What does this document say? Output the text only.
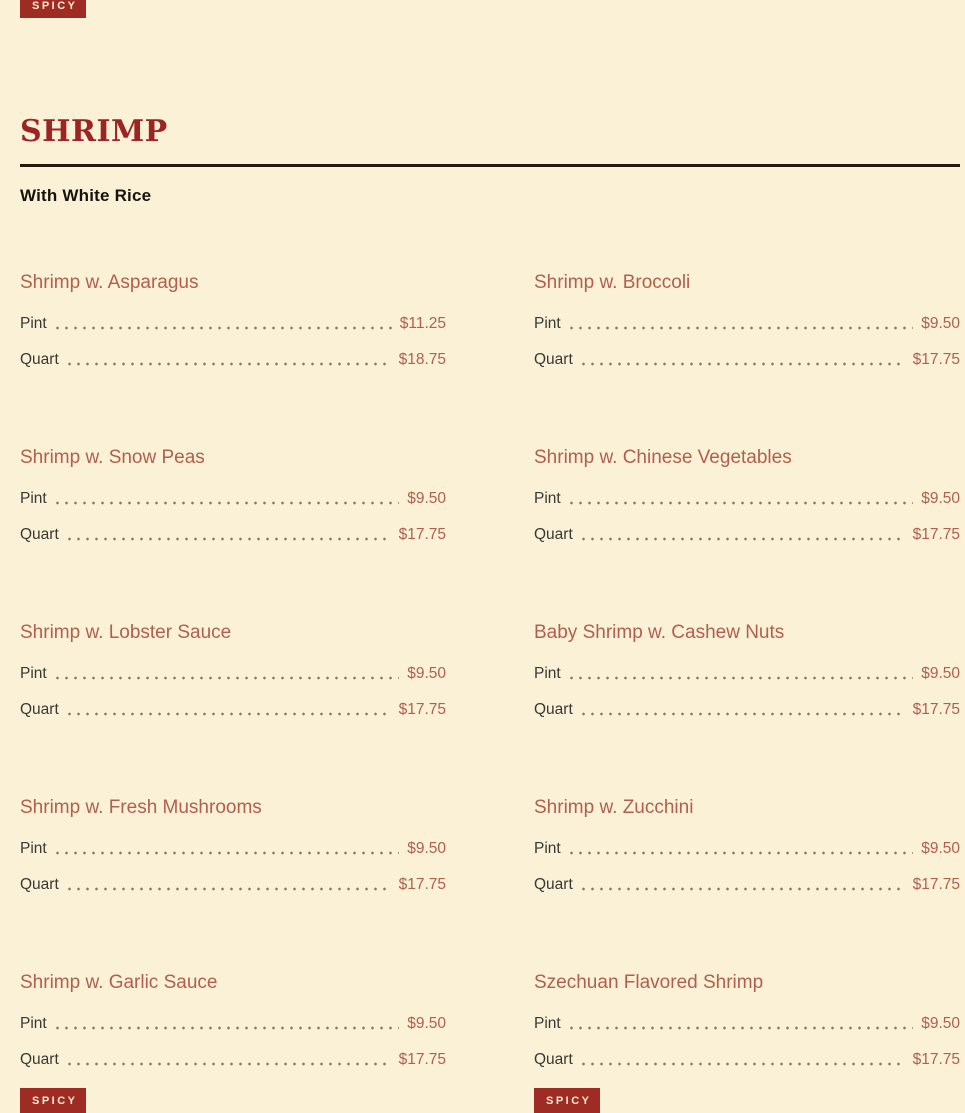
SPICY
SHRIMP

With White Rice

Shrimp w. Asparagus
Pint	$11.25
Quart	$18.75
Shrimp w. Broccoli
Pint	$9.50
Quart	$17.75
Shrimp w. Snow Peas
Pint	$9.50
Quart	$17.75
Shrimp w. Chinese Vegetables
Pint	$9.50
Quart	$17.75
Shrimp w. Lobster Sauce
Pint	$9.50
Quart	$17.75
Baby Shrimp w. Cashew Nuts
Pint	$9.50
Quart	$17.75
Shrimp w. Fresh Mushrooms
Pint	$9.50
Quart	$17.75
Shrimp w. Zucchini
Pint	$9.50
Quart	$17.75
Shrimp w. Garlic Sauce
Pint	$9.50
Quart	$17.75
SPICY
Szechuan Flavored Shrimp
Pint	$9.50
Quart	$17.75
SPICY
